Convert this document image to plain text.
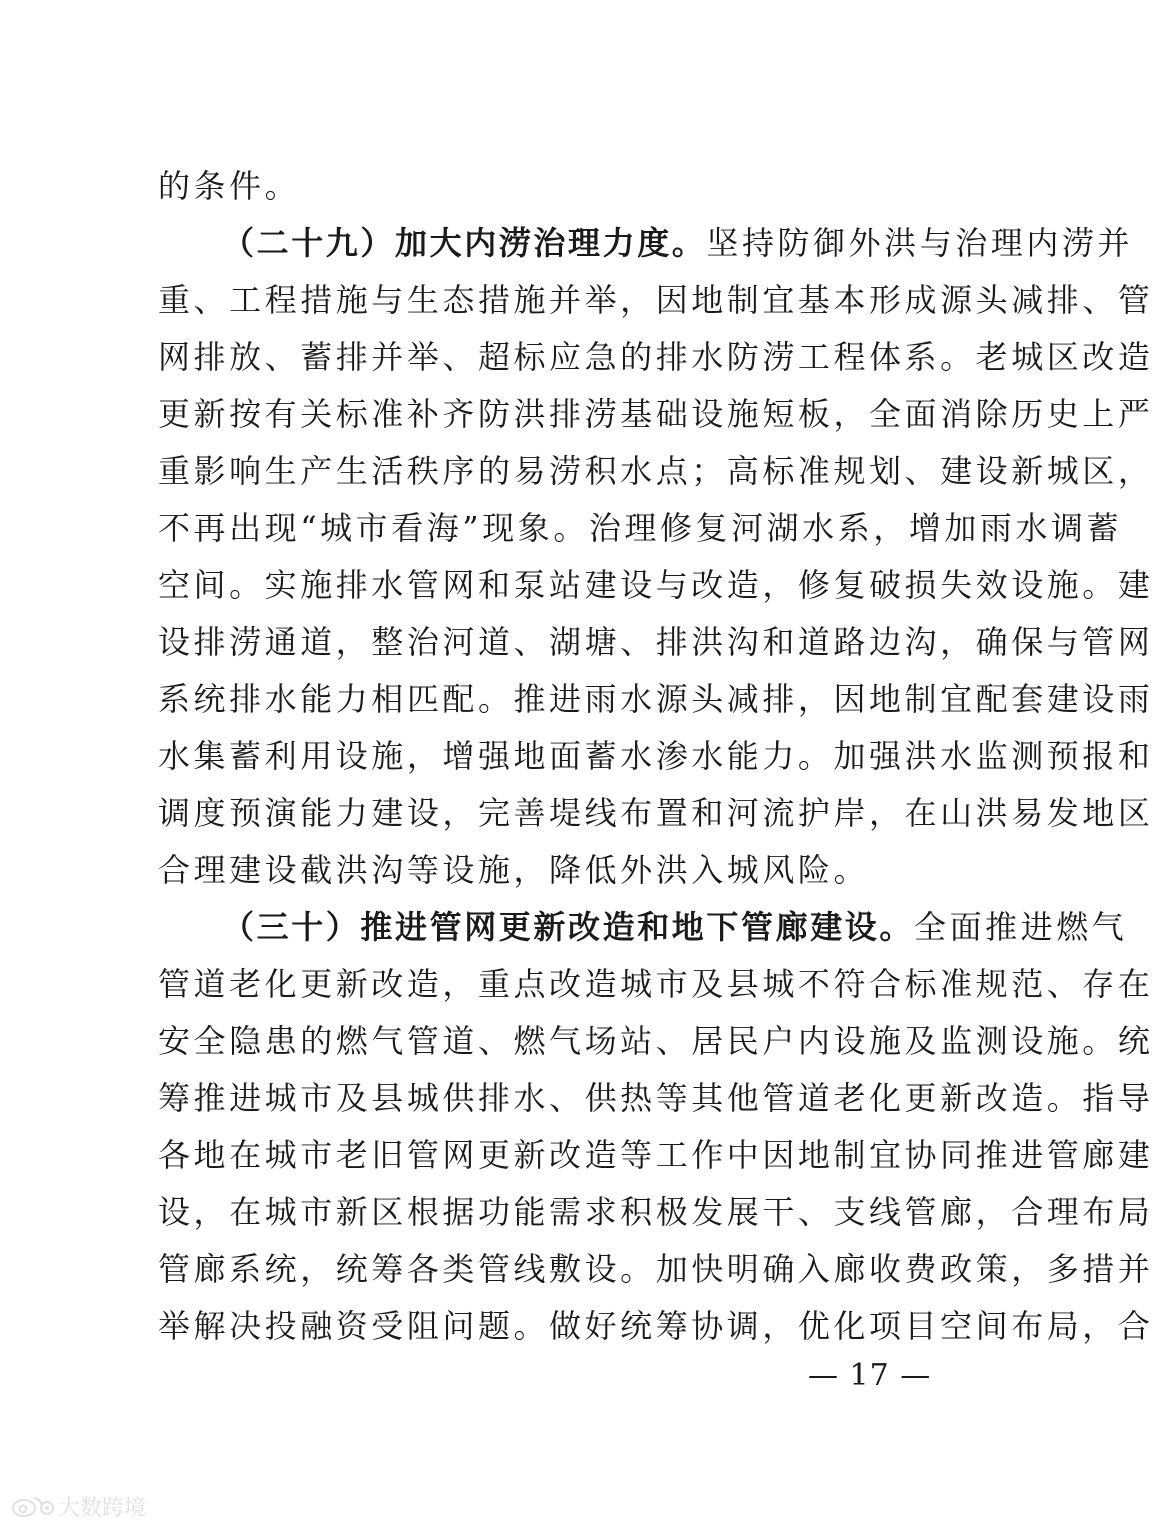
的条件。
（二十九）加大内涝治理力度。坚持防御外洪与治理内涝并
重、工程措施与生态措施并举，因地制宜基本形成源头减排、管
网排放、蓄排并举、超标应急的排水防涝工程体系。老城区改造
更新按有关标准补齐防洪排涝基础设施短板，全面消除历史上严
重影响生产生活秩序的易涝积水点；高标准规划、建设新城区，
不再出现“城市看海”现象。治理修复河湖水系，增加雨水调蓄
空间。实施排水管网和泵站建设与改造，修复破损失效设施。建
设排涝通道，整治河道、湖塘、排洪沟和道路边沟，确保与管网
系统排水能力相匹配。推进雨水源头减排，因地制宜配套建设雨
水集蓄利用设施，增强地面蓄水渗水能力。加强洪水监测预报和
调度预演能力建设，完善堤线布置和河流护岸，在山洪易发地区
合理建设截洪沟等设施，降低外洪入城风险。
（三十）推进管网更新改造和地下管廊建设。全面推进燃气
管道老化更新改造，重点改造城市及县城不符合标准规范、存在
安全隐患的燃气管道、燃气场站、居民户内设施及监测设施。统
筹推进城市及县城供排水、供热等其他管道老化更新改造。指导
各地在城市老旧管网更新改造等工作中因地制宜协同推进管廊建
设，在城市新区根据功能需求积极发展干、支线管廊，合理布局
管廊系统，统筹各类管线敷设。加快明确入廊收费政策，多措并
举解决投融资受阻问题。做好统筹协调，优化项目空间布局，合
— 17 —
大数跨境
